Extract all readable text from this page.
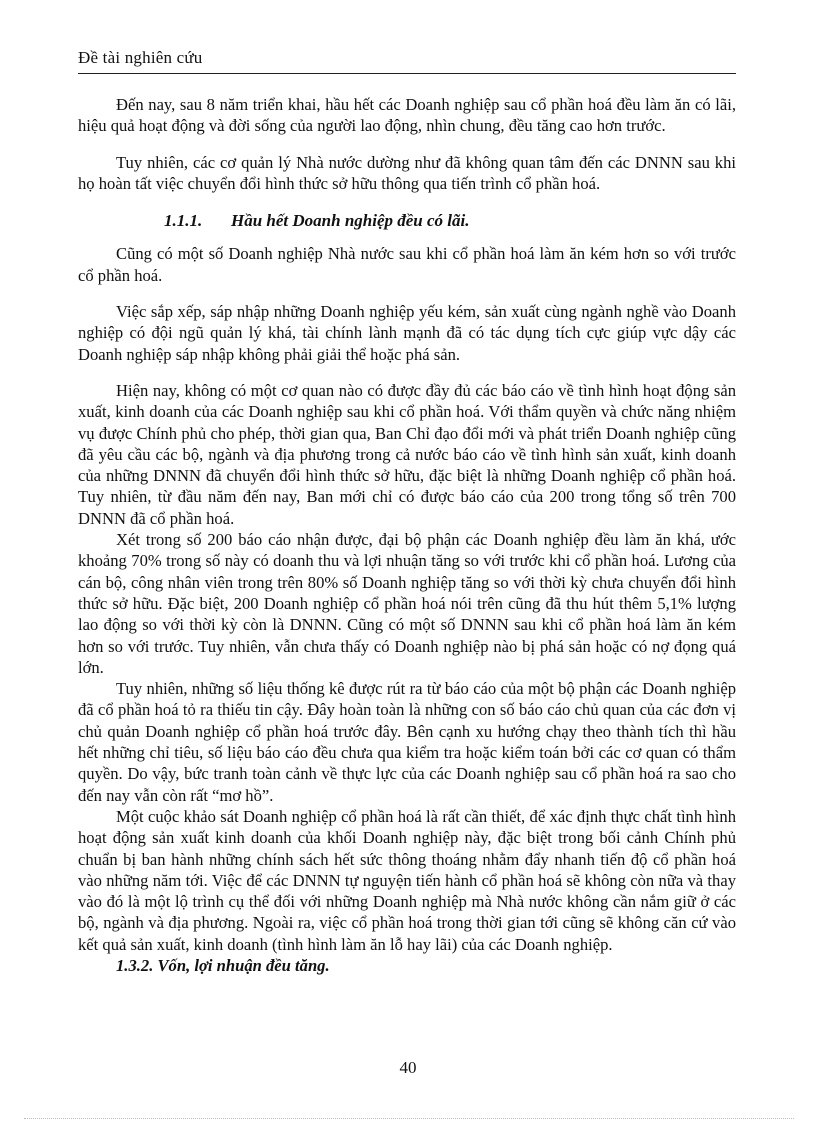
Đề tài nghiên cứu

Đến nay, sau 8 năm triển khai, hầu hết các Doanh nghiệp sau cổ phần hoá đều làm ăn có lãi, hiệu quả hoạt động và đời sống của người lao động, nhìn chung, đều tăng cao hơn trước.

Tuy nhiên, các cơ quản lý Nhà nước dường như đã không quan tâm đến các DNNN sau khi họ hoàn tất việc chuyển đổi hình thức sở hữu thông qua tiến trình cổ phần hoá.

1.1.1.	Hầu hết Doanh nghiệp đều có lãi.

Cũng có một số Doanh nghiệp Nhà nước sau khi cổ phần hoá làm ăn kém hơn so với trước cổ phần hoá.

Việc sắp xếp, sáp nhập những Doanh nghiệp yếu kém, sản xuất cùng ngành nghề vào Doanh nghiệp có đội ngũ quản lý khá, tài chính lành mạnh đã có tác dụng tích cực giúp vực dậy các Doanh nghiệp sáp nhập không phải giải thể hoặc phá sản.

Hiện nay, không có một cơ quan nào có được đầy đủ các báo cáo về tình hình hoạt động sản xuất, kinh doanh của các Doanh nghiệp sau khi cổ phần hoá. Với thẩm quyền và chức năng nhiệm vụ được Chính phủ cho phép, thời gian qua, Ban Chỉ đạo đổi mới và phát triển Doanh nghiệp cũng đã yêu cầu các bộ, ngành và địa phương trong cả nước báo cáo về tình hình sản xuất, kinh doanh của những DNNN đã chuyển đổi hình thức sở hữu, đặc biệt là những Doanh nghiệp cổ phần hoá. Tuy nhiên, từ đầu năm đến nay, Ban mới chỉ có được báo cáo của 200 trong tổng số trên 700 DNNN đã cổ phần hoá.

Xét trong số 200 báo cáo nhận được, đại bộ phận các Doanh nghiệp đều làm ăn khá, ước khoảng 70% trong số này có doanh thu và lợi nhuận tăng so với trước khi cổ phần hoá. Lương của cán bộ, công nhân viên trong trên 80% số Doanh nghiệp tăng so với thời kỳ chưa chuyển đổi hình thức sở hữu. Đặc biệt, 200 Doanh nghiệp cổ phần hoá nói trên cũng đã thu hút thêm 5,1% lượng lao động so với thời kỳ còn là DNNN. Cũng có một số DNNN sau khi cổ phần hoá làm ăn kém hơn so với trước. Tuy nhiên, vẫn chưa thấy có Doanh nghiệp nào bị phá sản hoặc có nợ đọng quá lớn.

Tuy nhiên, những số liệu thống kê được rút ra từ báo cáo của một bộ phận các Doanh nghiệp đã cổ phần hoá tỏ ra thiếu tin cậy. Đây hoàn toàn là những con số báo cáo chủ quan của các đơn vị chủ quản Doanh nghiệp cổ phần hoá trước đây. Bên cạnh xu hướng chạy theo thành tích thì hầu hết những chỉ tiêu, số liệu báo cáo đều chưa qua kiểm tra hoặc kiểm toán bởi các cơ quan có thẩm quyền. Do vậy, bức tranh toàn cảnh về thực lực của các Doanh nghiệp sau cổ phần hoá ra sao cho đến nay vẫn còn rất “mơ hồ”.

Một cuộc khảo sát Doanh nghiệp cổ phần hoá là rất cần thiết, để xác định thực chất tình hình hoạt động sản xuất kinh doanh của khối Doanh nghiệp này, đặc biệt trong bối cảnh Chính phủ chuẩn bị ban hành những chính sách hết sức thông thoáng nhằm đẩy nhanh tiến độ cổ phần hoá vào những năm tới. Việc để các DNNN tự nguyện tiến hành cổ phần hoá sẽ không còn nữa và thay vào đó là một lộ trình cụ thể đối với những Doanh nghiệp mà Nhà nước không cần nắm giữ ở các bộ, ngành và địa phương. Ngoài ra, việc cổ phần hoá trong thời gian tới cũng sẽ không căn cứ vào kết quả sản xuất, kinh doanh (tình hình làm ăn lỗ hay lãi) của các Doanh nghiệp.

1.3.2. Vốn, lợi nhuận đều tăng.

40
